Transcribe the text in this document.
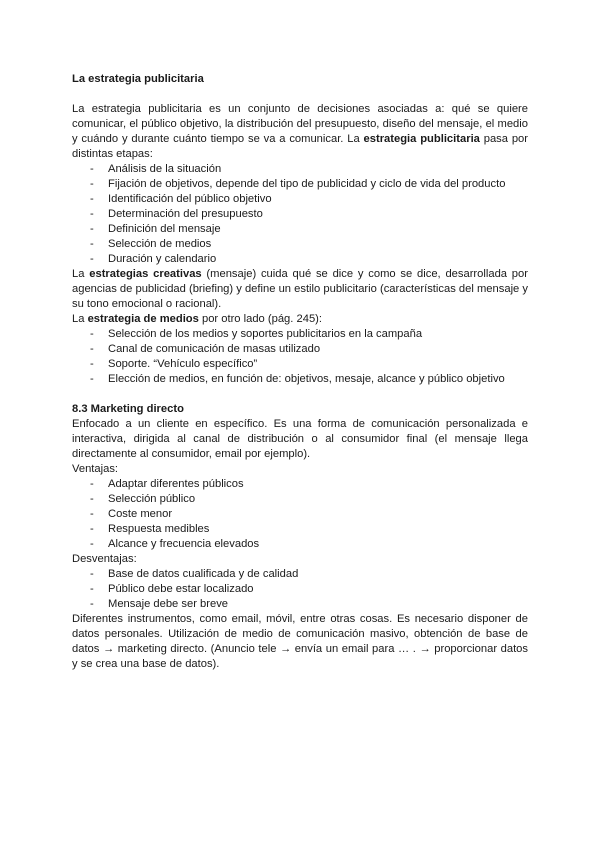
La estrategia publicitaria

La estrategia publicitaria es un conjunto de decisiones asociadas a: qué se quiere comunicar, el público objetivo, la distribución del presupuesto, diseño del mensaje, el medio y cuándo y durante cuánto tiempo se va a comunicar. La estrategia publicitaria pasa por distintas etapas:

- Análisis de la situación
- Fijación de objetivos, depende del tipo de publicidad y ciclo de vida del producto
- Identificación del público objetivo
- Determinación del presupuesto
- Definición del mensaje
- Selección de medios
- Duración y calendario

La estrategias creativas (mensaje) cuida qué se dice y como se dice, desarrollada por agencias de publicidad (briefing) y define un estilo publicitario (características del mensaje y su tono emocional o racional).

La estrategia de medios por otro lado (pág. 245):

- Selección de los medios y soportes publicitarios en la campaña
- Canal de comunicación de masas utilizado
- Soporte. “Vehículo específico”
- Elección de medios, en función de: objetivos, mesaje, alcance y público objetivo
8.3 Marketing directo

Enfocado a un cliente en específico. Es una forma de comunicación personalizada e interactiva, dirigida al canal de distribución o al consumidor final (el mensaje llega directamente al consumidor, email por ejemplo).

Ventajas:

- Adaptar diferentes públicos
- Selección público
- Coste menor
- Respuesta medibles
- Alcance y frecuencia elevados

Desventajas:

- Base de datos cualificada y de calidad
- Público debe estar localizado
- Mensaje debe ser breve

Diferentes instrumentos, como email, móvil, entre otras cosas. Es necesario disponer de datos personales. Utilización de medio de comunicación masivo, obtención de base de datos → marketing directo. (Anuncio tele → envía un email para … . → proporcionar datos y se crea una base de datos).
